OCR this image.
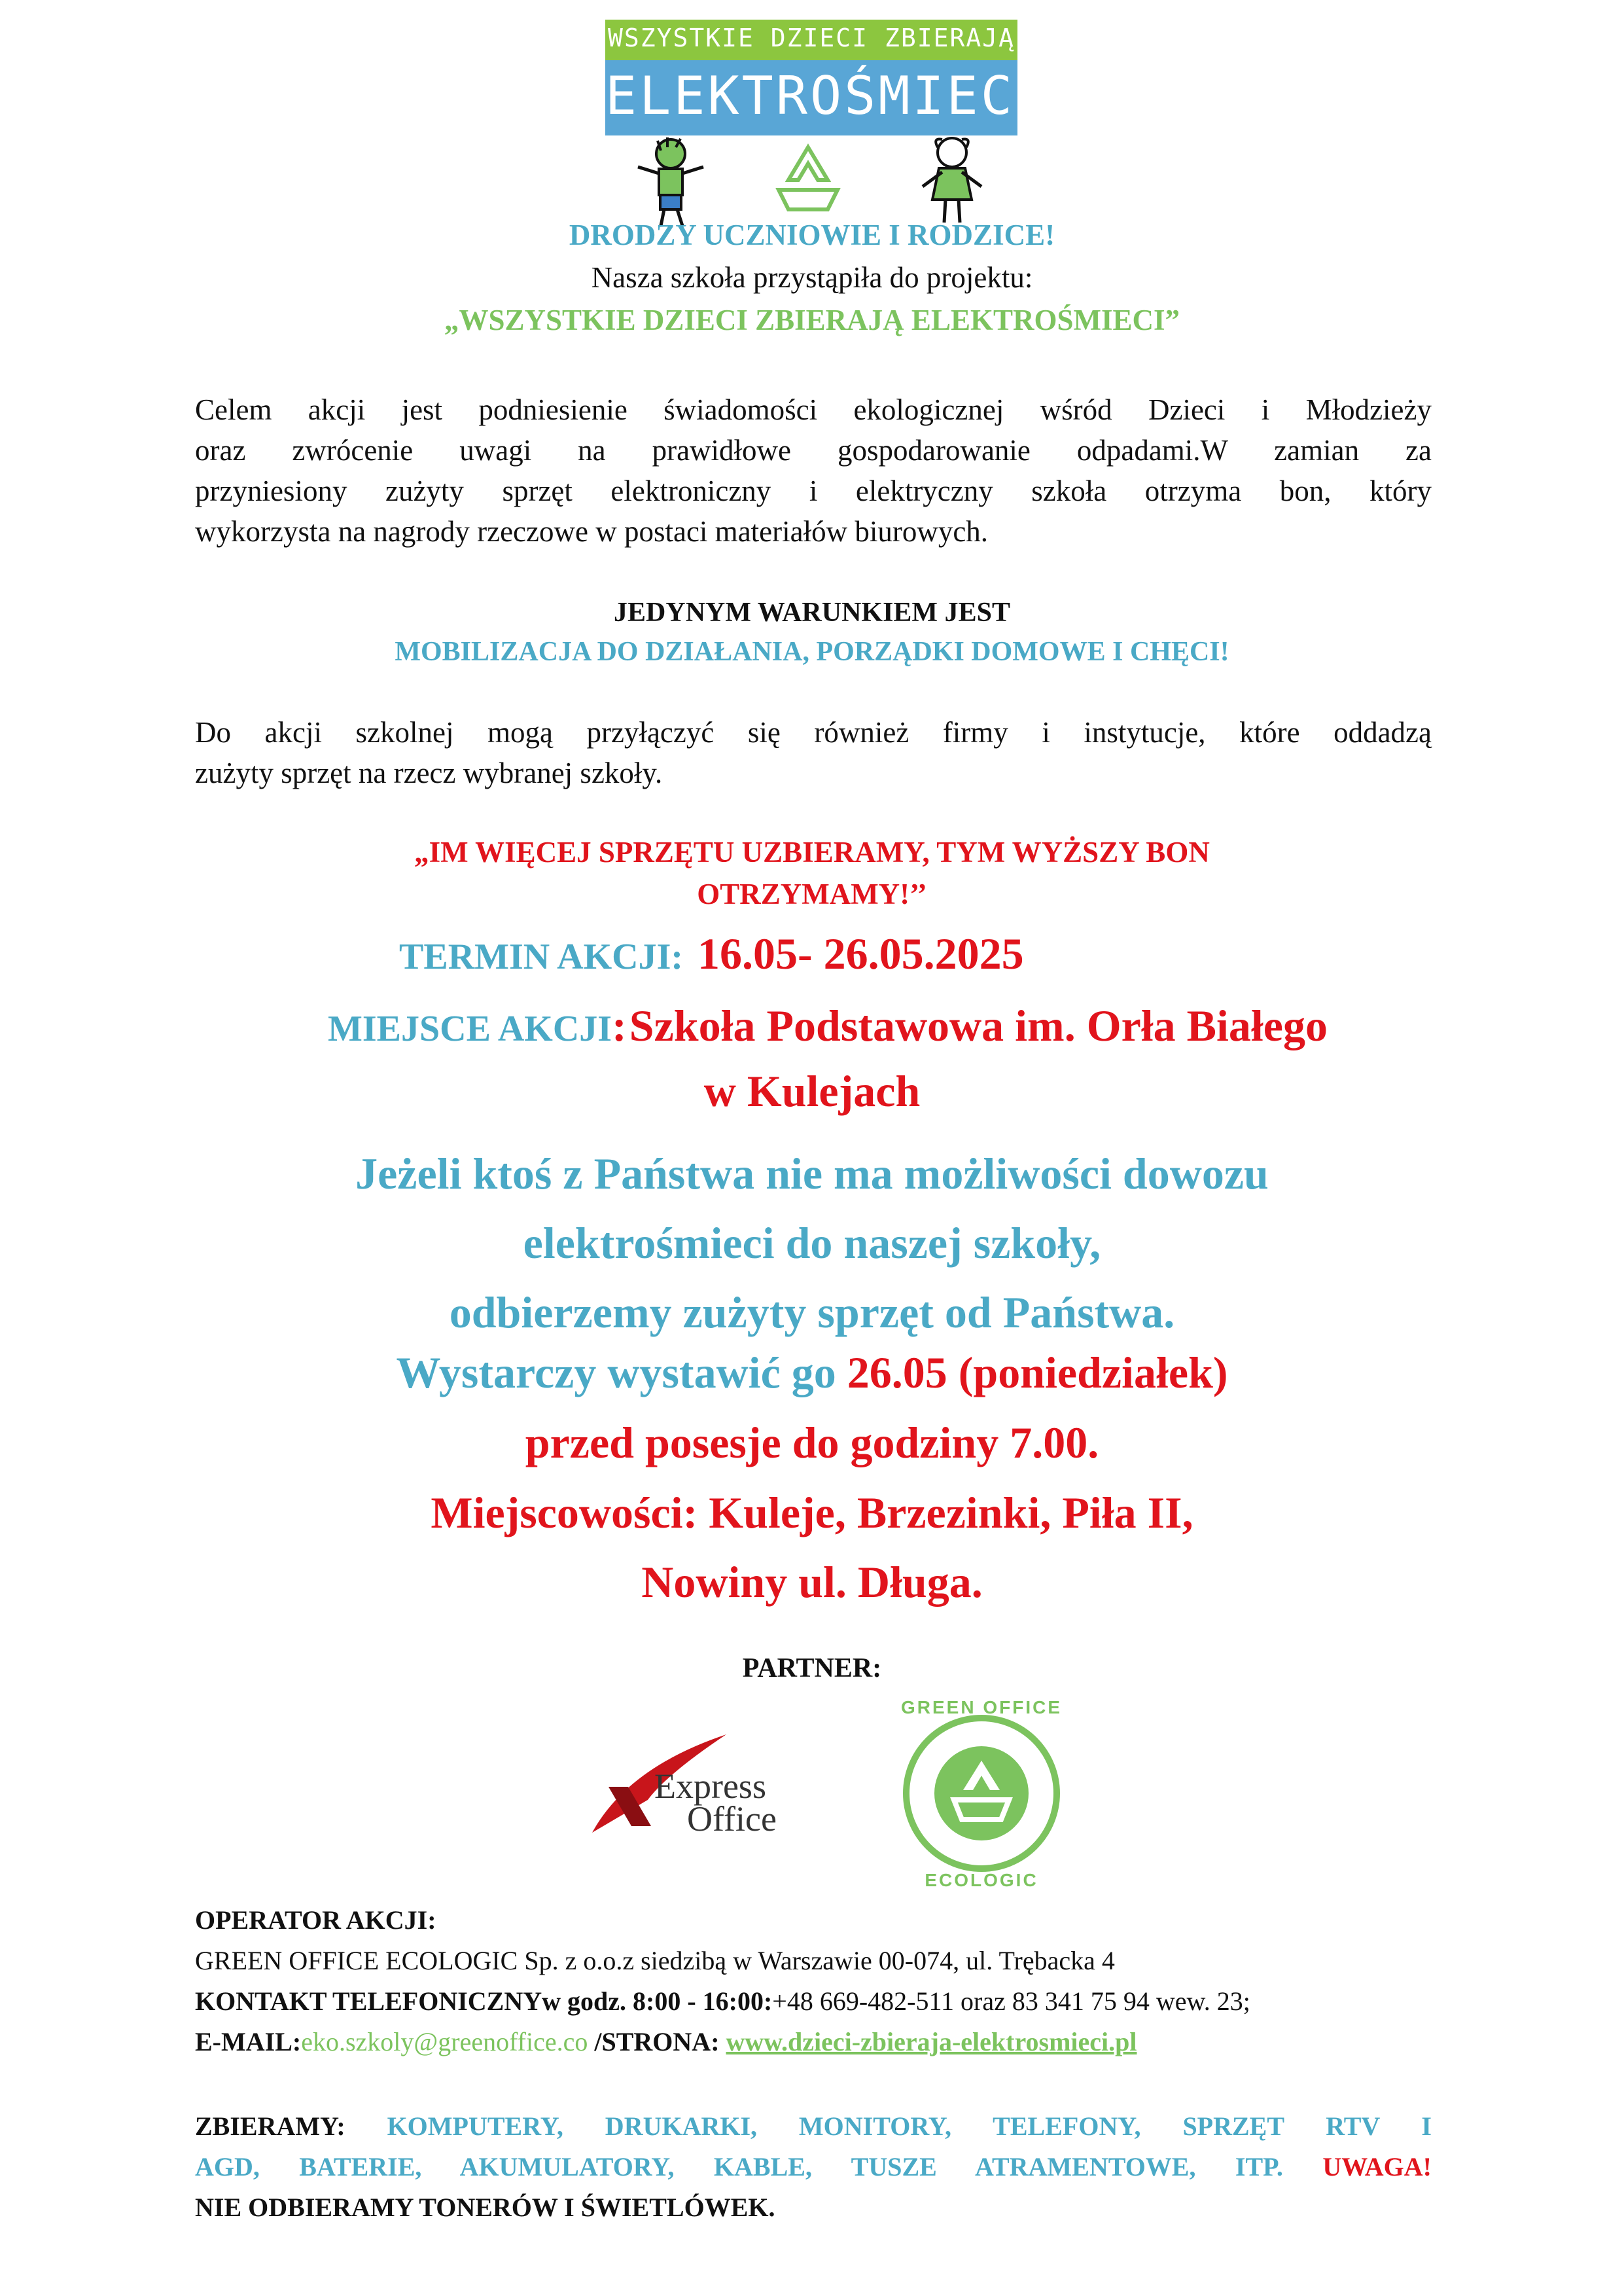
WSZYSTKIE DZIECI ZBIERAJĄ
ELEKTROŚMIECI
DRODZY UCZNIOWIE I RODZICE!
Nasza szkoła przystąpiła do projektu:
„WSZYSTKIE DZIECI ZBIERAJĄ ELEKTROŚMIECI”
Celem akcji jest podniesienie świadomości ekologicznej wśród Dzieci i Młodzieży
oraz zwrócenie uwagi na prawidłowe gospodarowanie odpadami.W zamian za
przyniesiony zużyty sprzęt elektroniczny i elektryczny szkoła otrzyma bon, który
wykorzysta na nagrody rzeczowe w postaci materiałów biurowych.
JEDYNYM WARUNKIEM JEST
MOBILIZACJA DO DZIAŁANIA, PORZĄDKI DOMOWE I CHĘCI!
Do akcji szkolnej mogą przyłączyć się również firmy i instytucje, które oddadzą
zużyty sprzęt na rzecz wybranej szkoły.
„IM WIĘCEJ SPRZĘTU UZBIERAMY, TYM WYŻSZY BON
OTRZYMAMY!’’
TERMIN AKCJI: 16.05- 26.05.2025
MIEJSCE AKCJI: Szkoła Podstawowa im. Orła Białego
w Kulejach
Jeżeli ktoś z Państwa nie ma możliwości dowozu
elektrośmieci do naszej szkoły,
odbierzemy zużyty sprzęt od Państwa.
Wystarczy wystawić go 26.05 (poniedziałek)
przed posesje do godziny 7.00.
Miejscowości: Kuleje, Brzezinki, Piła II,
Nowiny ul. Długa.
PARTNER:
Express
Office
GREEN OFFICE
ECOLOGIC
OPERATOR AKCJI:
GREEN OFFICE ECOLOGIC Sp. z o.o.z siedzibą w Warszawie 00-074, ul. Trębacka 4
KONTAKT TELEFONICZNYw godz. 8:00 - 16:00:+48 669-482-511 oraz 83 341 75 94 wew. 23;
E-MAIL:eko.szkoly@greenoffice.co /STRONA: www.dzieci-zbieraja-elektrosmieci.pl
ZBIERAMY: KOMPUTERY, DRUKARKI, MONITORY, TELEFONY, SPRZĘT RTV I
AGD, BATERIE, AKUMULATORY, KABLE, TUSZE ATRAMENTOWE, ITP. UWAGA!
NIE ODBIERAMY TONERÓW I ŚWIETLÓWEK.
